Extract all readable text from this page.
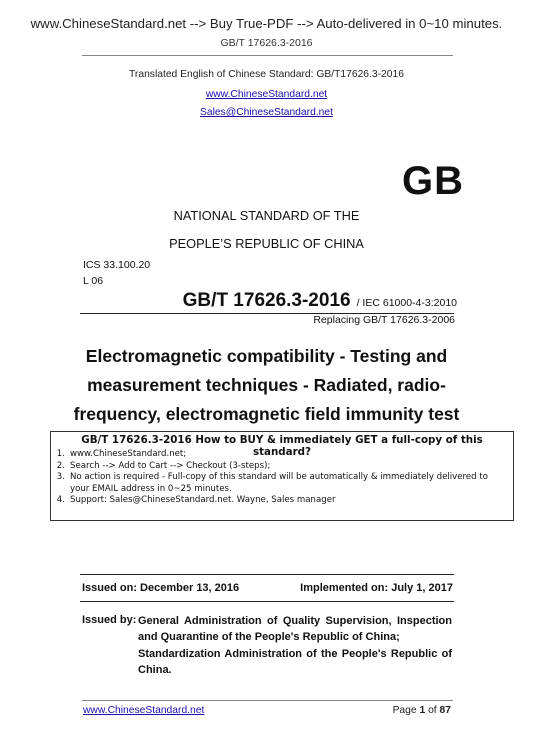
www.ChineseStandard.net --> Buy True-PDF --> Auto-delivered in 0~10 minutes.
GB/T 17626.3-2016
Translated English of Chinese Standard: GB/T17626.3-2016
www.ChineseStandard.net
Sales@ChineseStandard.net
GB
NATIONAL STANDARD OF THE
PEOPLE’S REPUBLIC OF CHINA
ICS 33.100.20
L 06
GB/T 17626.3-2016 / IEC 61000-4-3:2010
Replacing GB/T 17626.3-2006
Electromagnetic compatibility - Testing and
measurement techniques - Radiated, radio-
frequency, electromagnetic field immunity test
GB/T 17626.3-2016 How to BUY & immediately GET a full-copy of this standard?
1. www.ChineseStandard.net;
2. Search --> Add to Cart --> Checkout (3-steps);
3. No action is required - Full-copy of this standard will be automatically & immediately delivered to
your EMAIL address in 0~25 minutes.
4. Support: Sales@ChineseStandard.net. Wayne, Sales manager
Issued on: December 13, 2016	Implemented on: July 1, 2017
Issued by: General Administration of Quality Supervision, Inspection and Quarantine of the People's Republic of China;
Standardization Administration of the People's Republic of China.
www.ChineseStandard.net	Page 1 of 87
